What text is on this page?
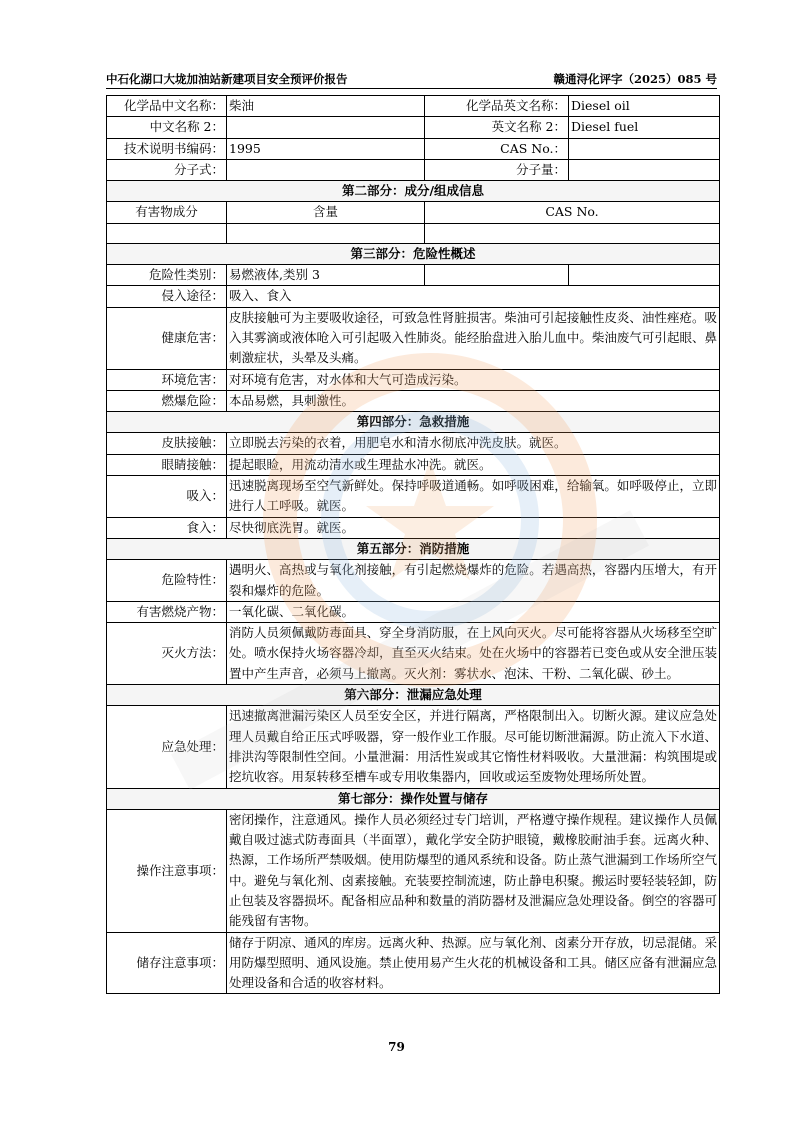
中石化湖口大垅加油站新建项目安全预评价报告	赣通浔化评字（2025）085 号
化学品中文名称：	柴油	化学品英文名称：	Diesel oil
中文名称 2：		英文名称 2：	Diesel fuel
技术说明书编码：	1995	CAS No.：	
分子式：		分子量：	
第二部分：成分/组成信息			
有害物成分	含量	CAS No.	

第三部分：危险性概述			
危险性类别：	易燃液体,类别 3		
侵入途径：	吸入、食入		
健康危害：	皮肤接触可为主要吸收途径，可致急性肾脏损害。柴油可引起接触性皮炎、油性痤疮。吸入其雾滴或液体呛入可引起吸入性肺炎。能经胎盘进入胎儿血中。柴油废气可引起眼、鼻刺激症状，头晕及头痛。		
环境危害：	对环境有危害，对水体和大气可造成污染。		
燃爆危险：	本品易燃，具刺激性。		
第四部分：急救措施			
皮肤接触：	立即脱去污染的衣着，用肥皂水和清水彻底冲洗皮肤。就医。		
眼睛接触：	提起眼睑，用流动清水或生理盐水冲洗。就医。		
吸入：	迅速脱离现场至空气新鲜处。保持呼吸道通畅。如呼吸困难，给输氧。如呼吸停止，立即进行人工呼吸。就医。		
食入：	尽快彻底洗胃。就医。		
第五部分：消防措施			
危险特性：	遇明火、高热或与氧化剂接触，有引起燃烧爆炸的危险。若遇高热，容器内压增大，有开裂和爆炸的危险。		
有害燃烧产物：	一氧化碳、二氧化碳。		
灭火方法：	消防人员须佩戴防毒面具、穿全身消防服，在上风向灭火。尽可能将容器从火场移至空旷处。喷水保持火场容器冷却，直至灭火结束。处在火场中的容器若已变色或从安全泄压装置中产生声音，必须马上撤离。灭火剂：雾状水、泡沫、干粉、二氧化碳、砂土。		
第六部分：泄漏应急处理			
应急处理：	迅速撤离泄漏污染区人员至安全区，并进行隔离，严格限制出入。切断火源。建议应急处理人员戴自给正压式呼吸器，穿一般作业工作服。尽可能切断泄漏源。防止流入下水道、排洪沟等限制性空间。小量泄漏：用活性炭或其它惰性材料吸收。大量泄漏：构筑围堤或挖坑收容。用泵转移至槽车或专用收集器内，回收或运至废物处理场所处置。		
第七部分：操作处置与储存			
操作注意事项：	密闭操作，注意通风。操作人员必须经过专门培训，严格遵守操作规程。建议操作人员佩戴自吸过滤式防毒面具（半面罩），戴化学安全防护眼镜，戴橡胶耐油手套。远离火种、热源，工作场所严禁吸烟。使用防爆型的通风系统和设备。防止蒸气泄漏到工作场所空气中。避免与氧化剂、卤素接触。充装要控制流速，防止静电积聚。搬运时要轻装轻卸，防止包装及容器损坏。配备相应品种和数量的消防器材及泄漏应急处理设备。倒空的容器可能残留有害物。		
储存注意事项：	储存于阴凉、通风的库房。远离火种、热源。应与氧化剂、卤素分开存放，切忌混储。采用防爆型照明、通风设施。禁止使用易产生火花的机械设备和工具。储区应备有泄漏应急处理设备和合适的收容材料。		
79
